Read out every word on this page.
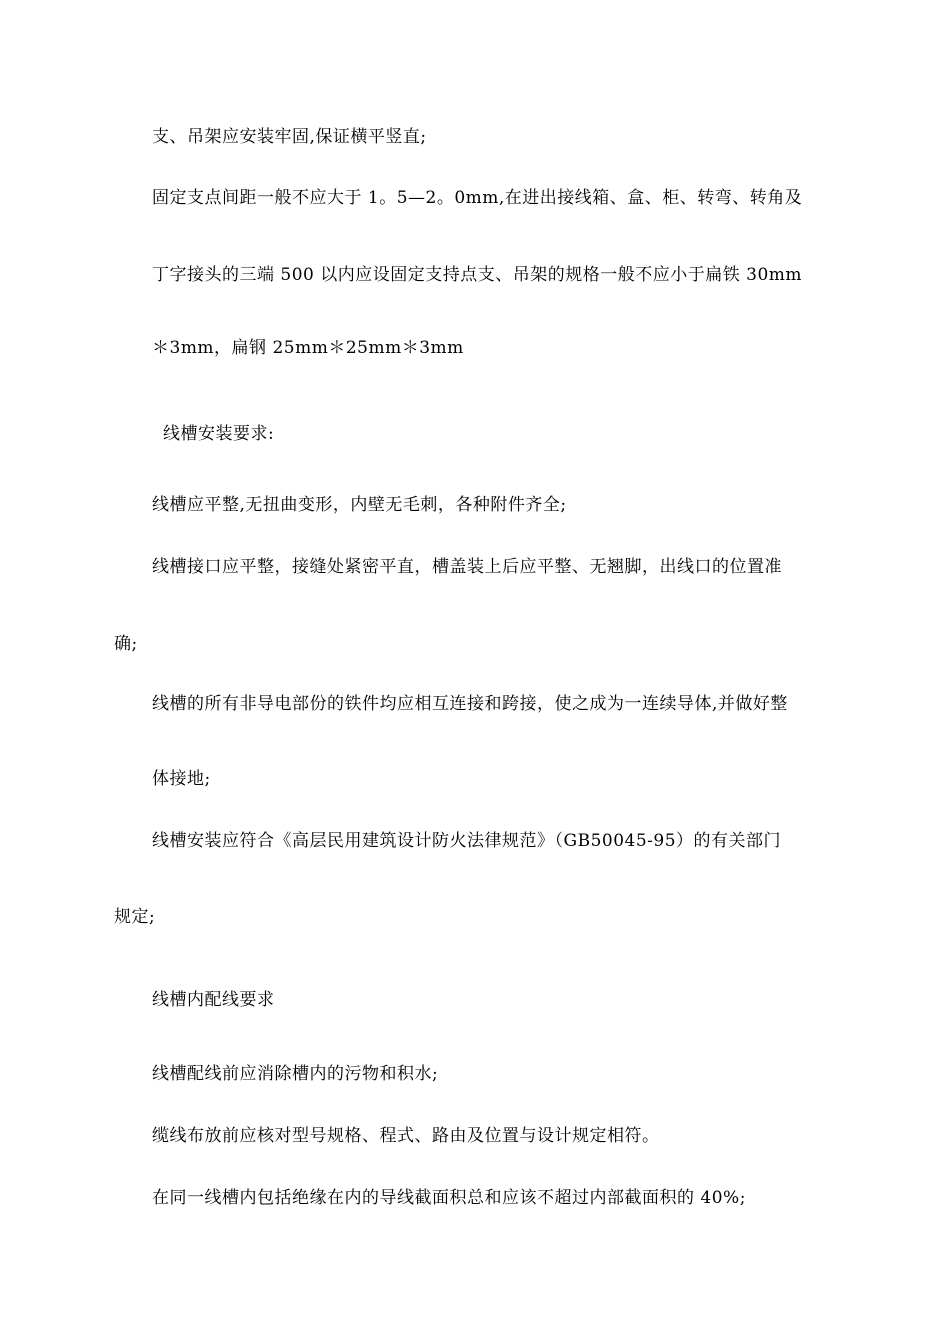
支、吊架应安装牢固,保证横平竖直;

固定支点间距一般不应大于 1。5—2。0mm,在进出接线箱、盒、柜、转弯、转角及

丁字接头的三端 500 以内应设固定支持点支、吊架的规格一般不应小于扁铁 30mm

＊3mm，扁钢 25mm＊25mm＊3mm

线槽安装要求:

线槽应平整,无扭曲变形，内壁无毛刺，各种附件齐全;

线槽接口应平整，接缝处紧密平直，槽盖装上后应平整、无翘脚，出线口的位置准

确;

线槽的所有非导电部份的铁件均应相互连接和跨接，使之成为一连续导体,并做好整

体接地;

线槽安装应符合《高层民用建筑设计防火法律规范》（GB50045-95）的有关部门

规定;

线槽内配线要求

线槽配线前应消除槽内的污物和积水;

缆线布放前应核对型号规格、程式、路由及位置与设计规定相符。

在同一线槽内包括绝缘在内的导线截面积总和应该不超过内部截面积的 40%;
